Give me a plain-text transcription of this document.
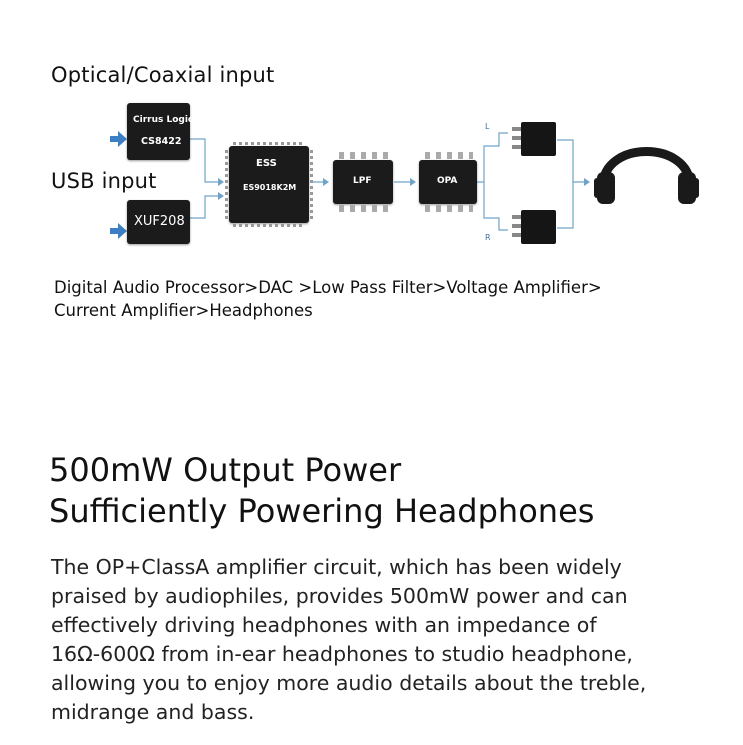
Optical/Coaxial input
USB input
L
R
Cirrus Logic
CS8422
XUF208
ESS
ES9018K2M
LPF	OPA
Digital Audio Processor>DAC >Low Pass Filter>Voltage Amplifier>
Current Amplifier>Headphones
500mW Output Power
Sufficiently Powering Headphones
The OP+ClassA amplifier circuit, which has been widely
praised by audiophiles, provides 500mW power and can
effectively driving headphones with an impedance of
16Ω-600Ω from in-ear headphones to studio headphone,
allowing you to enjoy more audio details about the treble,
midrange and bass.
